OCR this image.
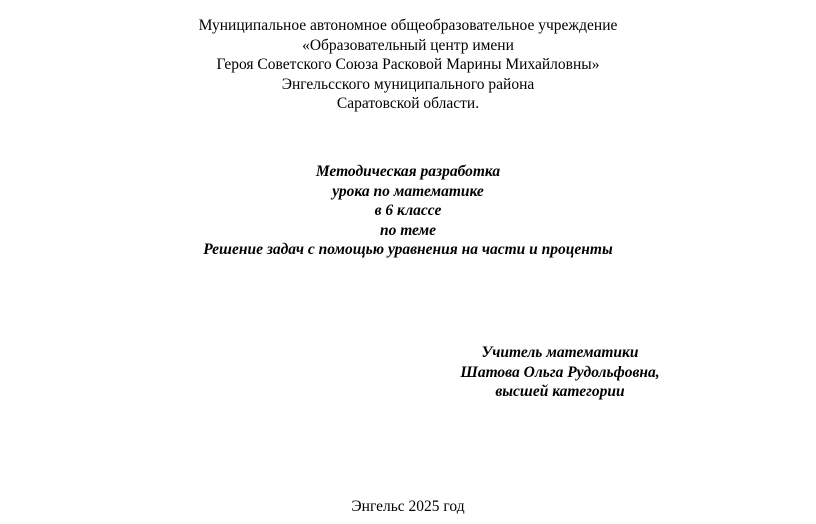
Муниципальное автономное общеобразовательное учреждение
«Образовательный центр имени
Героя Советского Союза Расковой Марины Михайловны»
Энгельсского муниципального района
Саратовской области.
Методическая разработка
урока по математике
в 6 классе
по теме
Решение задач с помощью уравнения на части и проценты
Учитель математики
Шатова Ольга Рудольфовна,
высшей категории
Энгельс 2025 год
